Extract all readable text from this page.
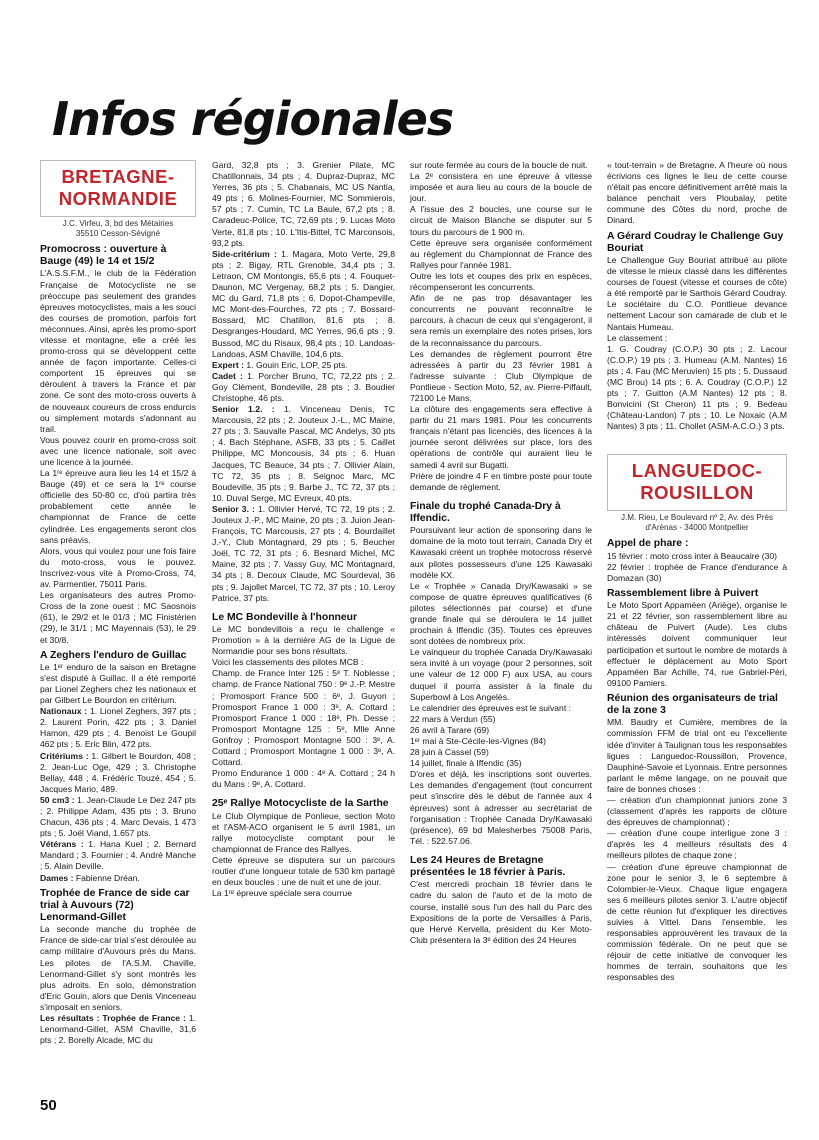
Infos régionales
BRETAGNE-
NORMANDIE
J.C. Virfeu, 3, bd des Métairies
35510 Cesson-Sévigné

Promocross : ouverture à Bauge (49) le 14 et 15/2

L'A.S.S.F.M., le club de la Fédération Française de Motocycliste ne se préoccupe pas seulement des grandes épreuves motocyclistes, mais a les souci des courses de promotion, parfois fort méconnues. Ainsi, après les promo-sport vitesse et montagne, elle a créé les promo-cross qui se développent cette année de façon importante. Celles-ci comportent 15 épreuves qui se déroulent à travers la France et par zone. Ce sont des moto-cross ouverts à de nouveaux coureurs de cross endurcis ou simplement motards s'adonnant au trail.

Vous pouvez courir en promo-cross soit avec une licence nationale, soit avec une licence à la journée.

La 1ʳᵉ épreuve aura lieu les 14 et 15/2 à Bauge (49) et ce sera la 1ʳᵉ course officielle des 50-80 cc, d'où partira très probablement cette année le championnat de France de cette cylindrée. Les engagements seront clos sans préavis.

Alors, vous qui voulez pour une fois faire du moto-cross, vous le pouvez. Inscrivez-vous vite à Promo-Cross, 74, av. Parmentier, 75011 Paris.

Les organisateurs des autres Promo-Cross de la zone ouest : MC Saosnois (61), le 29/2 et le 01/3 ; MC Finistérien (29), le 31/1 ; MC Mayennais (53), le 29 et 30/8.

A Zeghers l'enduro de Guillac

Le 1ᵉʳ enduro de la saison en Bretagne s'est disputé à Guillac. Il a été remporté par Lionel Zeghers chez les nationaux et par Gilbert Le Bourdon en critérium.

Nationaux : 1. Lionel Zeghers, 397 pts ; 2. Laurent Porin, 422 pts ; 3. Daniel Hamon, 429 pts ; 4. Benoist Le Goupil 462 pts ; 5. Eric Blin, 472 pts.

Critériums : 1. Gilbert le Bourdon, 408 ; 2. Jean-Luc Oge, 429 ; 3. Christophe Bellay, 448 ; 4. Frédéric Touzé, 454 ; 5. Jacques Mario, 489.

50 cm3 : 1. Jean-Claude Le Dez 247 pts ; 2. Philippe Adam, 435 pts ; 3. Bruno Chacun, 436 pts ; 4. Marc Devais, 1 473 pts ; 5. Joël Viand, 1.657 pts.

Vétérans : 1. Hana Kuel ; 2. Bernard Mandard ; 3. Fournier ; 4. André Manche ; 5. Alain Deville.

Dames : Fabienne Dréan.

Trophée de France de side car trial à Auvours (72)

Lenormand-Gillet

La seconde manche du trophée de France de side-car trial s'est déroulée au camp militaire d'Auvours près du Mans. Les pilotes de l'A.S.M. Chaville, Lenormand-Gillet s'y sont montrés les plus adroits. En solo, démonstration d'Eric Gouin, alors que Denis Vinceneau s'imposait en seniors.

Les résultats : Trophée de France : 1. Lenormand-Gillet, ASM Chaville, 31,6 pts ; 2. Borelly Alcade, MC du

Gard, 32,8 pts ; 3. Grenier Pilate, MC Chatillonnais, 34 pts ; 4. Dupraz-Dupraz, MC Yerres, 36 pts ; 5. Chabanais, MC US Nantia, 49 pts ; 6. Molines-Fournier, MC Sommierois, 57 pts ; 7. Cumin, TC La Baule, 67,2 pts ; 8. Caradeuc-Police, TC, 72,69 pts ; 9. Lucas Moto Verte, 81,8 pts ; 10. L'Itis-Bittel, TC Marconsois, 93,2 pts.

Side-critérium : 1. Magara, Moto Verte, 29,8 pts ; 2. Bigay, RTL Grenoble, 34,4 pts ; 3. Letraon, CM Montongis, 65,6 pts ; 4. Fouquet-Daunon, MC Vergenay, 68,2 pts ; 5. Dangier, MC du Gard, 71,8 pts ; 6. Dopot-Champeville, MC Mont-des-Fourches, 72 pts ; 7. Bossard-Bossard, MC Chatillon, 81,6 pts ; 8. Desgranges-Houdard, MC Yerres, 96,6 pts ; 9. Bussod, MC du Risaux, 98,4 pts ; 10. Landoas-Landoas, ASM Chaville, 104,6 pts.

Expert : 1. Gouin Eric, LOP, 25 pts.

Cadet : 1. Porcher Bruno, TC, 72,22 pts ; 2. Goy Clément, Bondeville, 28 pts ; 3. Boudier Christophe, 46 pts.

Senior 1.2. : 1. Vinceneau Denis, TC Marcousis, 22 pts ; 2. Jouteux J.-L., MC Maine, 27 pts ; 3. Sauvalle Pascal, MC Andelys, 30 pts ; 4. Bach Stéphane, ASFB, 33 pts ; 5. Caillet Philippe, MC Moncousis, 34 pts ; 6. Huan Jacques, TC Beauce, 34 pts ; 7. Ollivier Alain, TC 72, 35 pts ; 8. Seignoc Marc, MC Boudeville, 35 pts ; 9. Barbe J., TC 72, 37 pts ; 10. Duval Serge, MC Evreux, 40 pts.

Senior 3. : 1. Ollivier Hervé, TC 72, 19 pts ; 2. Jouteux J.-P., MC Maine, 20 pts ; 3. Juion Jean-François, TC Marcousis, 27 pts ; 4. Bourdaillet J.-Y., Club Montagnard, 29 pts ; 5. Beucher Joël, TC 72, 31 pts ; 6. Besnard Michel, MC Maine, 32 pts ; 7. Vassy Guy, MC Montagnard, 34 pts ; 8. Decoux Claude, MC Sourdeval, 36 pts ; 9. Jajollet Marcel, TC 72, 37 pts ; 10. Leroy Patrice, 37 pts.

Le MC Bondeville à l'honneur

Le MC bondevillois a reçu le challenge « Promotion » à la dernière AG de la Ligue de Normandie pour ses bons résultats.

Voici les classements des pilotes MCB :

Champ. de France Inter 125 : 5ᵉ T. Noblesse ; champ. de France National 750 : 9ᵉ J.-P. Mestre ; Promosport France 500 : 6ᵉ, J. Guyon ; Promosport France 1 000 : 3ᵉ, A. Cottard ; Promosport France 1 000 : 18ᵉ, Ph. Desse ; Promosport Montagne 125 : 5ᵉ, Mlle Anne Gonfroy ; Promosport Montagne 500 : 3ᵉ, A. Cottard ; Promosport Montagne 1 000 : 3ᵉ, A. Cottard.

Promo Endurance 1 000 : 4ᵉ A. Cottard ; 24 h du Mans : 9ᵉ, A. Cottard.

25ᵉ Rallye Motocycliste de la Sarthe

Le Club Olympique de Ponlieue, section Moto et l'ASM-ACO organisent le 5 avril 1981, un rallye motocycliste comptant pour le championnat de France des Rallyes.

Cette épreuve se disputera sur un parcours routier d'une longueur totale de 530 km partagé en deux boucles : une de nuit et une de jour.

La 1ʳᵉ épreuve spéciale sera courrue

sur route fermée au cours de la boucle de nuit.

La 2ᵉ consistera en une épreuve à vitesse imposée et aura lieu au cours de la boucle de jour.

A l'issue des 2 boucles, une course sur le circuit de Maison Blanche se disputer sur 5 tours du parcours de 1 900 m.

Cette épreuve sera organisée conformément au règlement du Championnat de France des Rallyes pour l'année 1981.

Outre les lots et coupes des prix en espèces, récompenseront les concurrents.

Afin de ne pas trop désavantager les concurrents ne pouvant reconnaître le parcours, à chacun de ceux qui s'engageront, il sera remis un exemplaire des notes prises, lors de la reconnaissance du parcours.

Les demandes de règlement pourront être adressées à partir du 23 février 1981 à l'adresse suivante : Club Olympique de Pontlieue - Section Moto, 52, av. Pierre-Piffault, 72100 Le Mans.

La clôture des engagements sera effective à partir du 21 mars 1981. Pour les concurrents français n'étant pas licenciés, des licences à la journée seront délivrées sur place, lors des opérations de contrôle qui auraient lieu le samedi 4 avril sur Bugatti.

Prière de joindre 4 F en timbre poste pour toute demande de règlement.

Finale du trophé Canada-Dry à Iffendic.

Poursuivant leur action de sponsoring dans le domaine de la moto tout terrain, Canada Dry et Kawasaki créent un trophée motocross réservé aux pilotes possesseurs d'une 125 Kawasaki modèle KX.

Le « Trophée » Canada Dry/Kawasaki » se compose de quatre épreuves qualificatives (6 pilotes sélectionnés par course) et d'une grande finale qui se déroulera le 14 juillet prochain à Iffendic (35). Toutes ces épreuves sont dotées de nombreux prix.

Le vainqueur du trophée Canada Dry/Kawasaki sera invité à un voyage (pour 2 personnes, soit une valeur de 12 000 F) aux USA, au cours duquel il pourra assister à la finale du Superbowl à Los Angelès.

Le calendrier des épreuves est le suivant :

22 mars à Verdun (55)

26 avril à Tarare (69)

1ᵉʳ mai à Ste-Cécile-les-Vignes (84)

28 juin à Cassel (59)

14 juillet, finale à Iffendic (35)

D'ores et déjà, les inscriptions sont ouvertes. Les demandes d'engagement (tout concurrent peut s'inscrire dès le début de l'année aux 4 épreuves) sont à adresser au secrétariat de l'organisation : Trophée Canada Dry/Kawasaki (présence), 69 bd Malesherbes 75008 Paris, Tél. : 522.57.06.

Les 24 Heures de Bretagne présentées le 18 février à Paris.

C'est mercredi prochain 18 février dans le cadre du salon de l'auto et de la moto de course, installé sous l'un des hall du Parc des Expositions de la porte de Versailles à Paris, que Hervé Kervella, président du Ker Moto-Club présentera la 3ᵉ édition des 24 Heures

« tout-terrain » de Bretagne. A l'heure où nous écrivions ces lignes le lieu de cette course n'était pas encore définitivement arrêté mais la balance penchait vers Ploubalay, petite commune des Côtes du nord, proche de Dinard.

A Gérard Coudray le Challenge Guy Bouriat

Le Challengue Guy Bouriat attribué au pilote de vitesse le mieux classé dans les différentes courses de l'ouest (vitesse et courses de côte) a été remporté par le Sarthois Gérard Coudray. Le sociétaire du C.O. Pontlieue devance nettement Lacour son camarade de club et le Nantais Humeau.

Le classement :

1. G. Coudray (C.O.P.) 30 pts ; 2. Lacour (C.O.P.) 19 pts ; 3. Humeau (A.M. Nantes) 16 pts ; 4. Fau (MC Meruvien) 15 pts ; 5. Dussaud (MC Brou) 14 pts ; 6. A. Coudray (C.O.P.) 12 pts ; 7. Guitton (A.M Nantes) 12 pts ; 8. Bonvicini (St Cheron) 11 pts ; 9. Bedeau (Château-Landon) 7 pts ; 10. Le Noxaic (A.M Nantes) 3 pts ; 11. Chollet (ASM-A.C.O.) 3 pts.

LANGUEDOC-
ROUSILLON
J.M. Rieu, Le Boulevard nº 2, Av. des Près
d'Arènas - 34000 Montpellier

Appel de phare :

15 février : moto cross inter à Beaucaire (30)

22 février : trophée de France d'endurance à Domazan (30)

Rassemblement libre à Puivert

Le Moto Sport Appaméen (Ariège), organise le 21 et 22 février, son rassemblement libre au château de Puivert (Aude). Les clubs intéressés doivent communiquer leur participation et surtout le nombre de motards à effectuer le déplacement au Moto Sport Appaméen Bar Achille, 74, rue Gabriel-Péri, 09100 Pamiers.

Réunion des organisateurs de trial de la zone 3

MM. Baudry et Cumière, membres de la commission FFM de trial ont eu l'excellente idée d'inviter à Taulignan tous les responsables ligues : Languedoc-Roussillon, Provence, Dauphiné-Savoie et Lyonnais. Entre personnes parlant le même langage, on ne pouvait que faire de bonnes choses :

— création d'un championnat juniors zone 3 (classement d'après les rapports de clôture des épreuves de championnat) ;

— création d'une coupe interligue zone 3 : d'après les 4 meilleurs résultats des 4 meilleurs pilotes de chaque zone ;

— création d'une épreuve championnat de zone pour le senior 3, le 6 septembre à Colombier-le-Vieux. Chaque ligue engagera ses 6 meilleurs pilotes senior 3. L'autre objectif de cette réunion fut d'expliquer les directives suivies à Vittel. Dans l'ensemble, les responsables approuvèrent les travaux de la commission fédérale. On ne peut que se réjouir de cette initiative de convoquer les hommes de terrain, souhaitons que les responsables des

50
